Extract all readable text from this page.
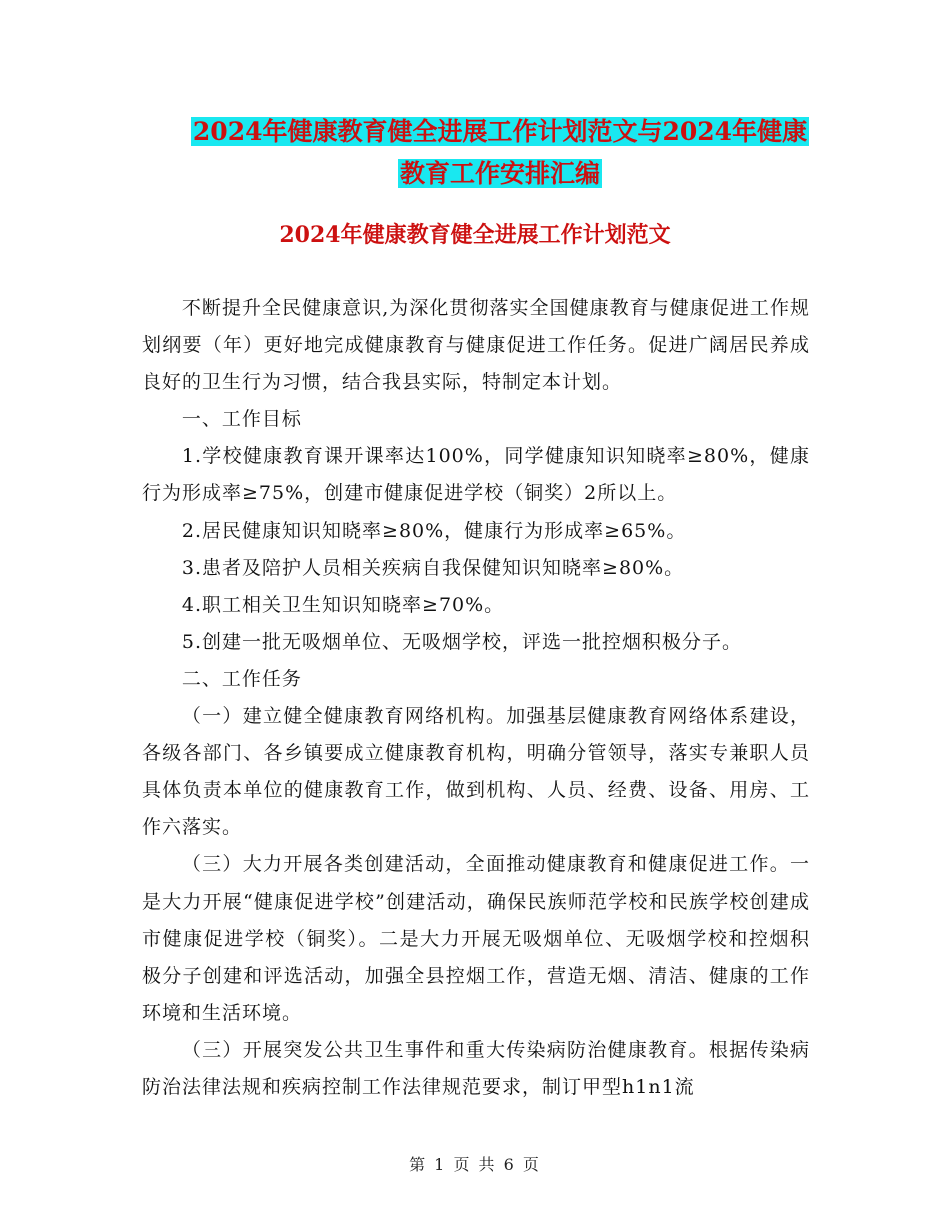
2024年健康教育健全进展工作计划范文与2024年健康
教育工作安排汇编
2024年健康教育健全进展工作计划范文

不断提升全民健康意识,为深化贯彻落实全国健康教育与健康促进工作规划纲要（年）更好地完成健康教育与健康促进工作任务。促进广阔居民养成良好的卫生行为习惯，结合我县实际，特制定本计划。

一、工作目标

1.学校健康教育课开课率达100%，同学健康知识知晓率≥80%，健康行为形成率≥75%，创建市健康促进学校（铜奖）2所以上。

2.居民健康知识知晓率≥80%，健康行为形成率≥65%。

3.患者及陪护人员相关疾病自我保健知识知晓率≥80%。

4.职工相关卫生知识知晓率≥70%。

5.创建一批无吸烟单位、无吸烟学校，评选一批控烟积极分子。

二、工作任务

（一）建立健全健康教育网络机构。加强基层健康教育网络体系建设，各级各部门、各乡镇要成立健康教育机构，明确分管领导，落实专兼职人员具体负责本单位的健康教育工作，做到机构、人员、经费、设备、用房、工作六落实。

（三）大力开展各类创建活动，全面推动健康教育和健康促进工作。一是大力开展“健康促进学校”创建活动，确保民族师范学校和民族学校创建成市健康促进学校（铜奖）。二是大力开展无吸烟单位、无吸烟学校和控烟积极分子创建和评选活动，加强全县控烟工作，营造无烟、清洁、健康的工作环境和生活环境。

（三）开展突发公共卫生事件和重大传染病防治健康教育。根据传染病防治法律法规和疾病控制工作法律规范要求，制订甲型h1n1流

第 1 页 共 6 页
